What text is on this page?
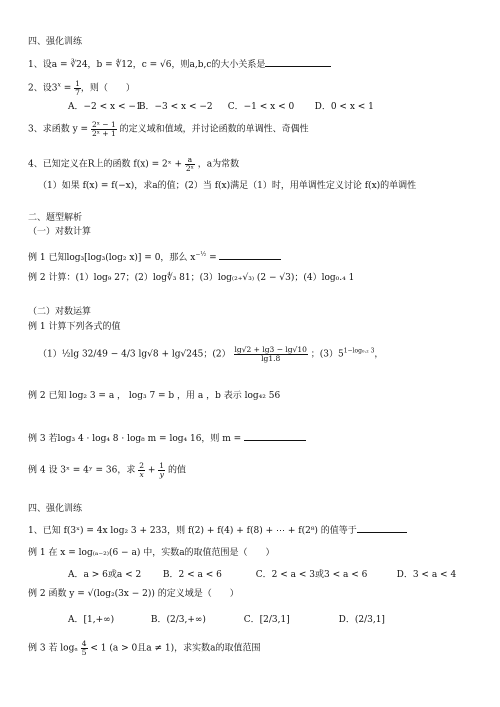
四、强化训练
1、设a = ∛24，b = ∜12，c = √6，则a,b,c的大小关系是
2、设$3^x = \frac{1}{7}$ ，则（　　）
A．−2 < x < −1 B．−3 < x < −2 C．−1 < x < 0 D．0 < x < 1
3、求函数 $y = \frac{\text{2ˣ − 1}}{\text{2ˣ + 1}}$ 的定义域和值域，并讨论函数的单调性、奇偶性
4、已知定义在R上的函数 f(x) = 2ˣ + $\frac{a}{\text{2ˣ}}$ ，a为常数
（1）如果 f(x) = f(−x)，求a的值；(2）当 f(x)满足（1）时，用单调性定义讨论 f(x)的单调性
二、题型解析
（一）对数计算
例 1 已知log₃[log₃(log₂ x)] = 0，那么 $x^{-\frac{1}{2}}$ =
例 2 计算：(1）log₉ 27；(2）log∜₃ 81；(3）log₍₂₊√₃₎ (2 − √3)；(4）log₀.₄ 1
（二）对数运算
例 1 计算下列各式的值
（1）½lg 32/49 − 4/3 lg√8 + lg√245；$(2) \frac{\lg√2 + \lg 3 - \lg√10}{\lg 1.8}$ ；$(3)5^{1-log_0._2 3}$，
例 2 已知 log₂ 3 = a ， log₃ 7 = b ，用 a ，b 表示 log₄₂ 56
例 3 若log₃ 4 · log₄ 8 · log₈ m = log₄ 16，则 m =
例 4 设 3ˣ = 4ʸ = 36，求 $\frac{2}{x} + \frac{1}{y}$ 的值
四、强化训练
1、已知 f(3ˣ) = 4x log₂ 3 + 233，则 f(2) + f(4) + f(8) + ⋯ + f(2⁸) 的值等于
例 1 在 x = log₍ₐ₋₂₎(6 − a) 中，实数a的取值范围是（　　）
A．a > 6或a < 2 B．2 < a < 6	C．2 < a < 3或3 < a < 6	D．3 < a < 4
例 2 函数 y = √(log₂(3x − 2)) 的定义域是（　　）
A．[1,+∞)	B．(2/3,+∞)	C．[2/3,1]	D．(2/3,1]
例 3 若 logₐ $\frac{4}{5} < 1$ (a > 0且a ≠ 1)，求实数a的取值范围
